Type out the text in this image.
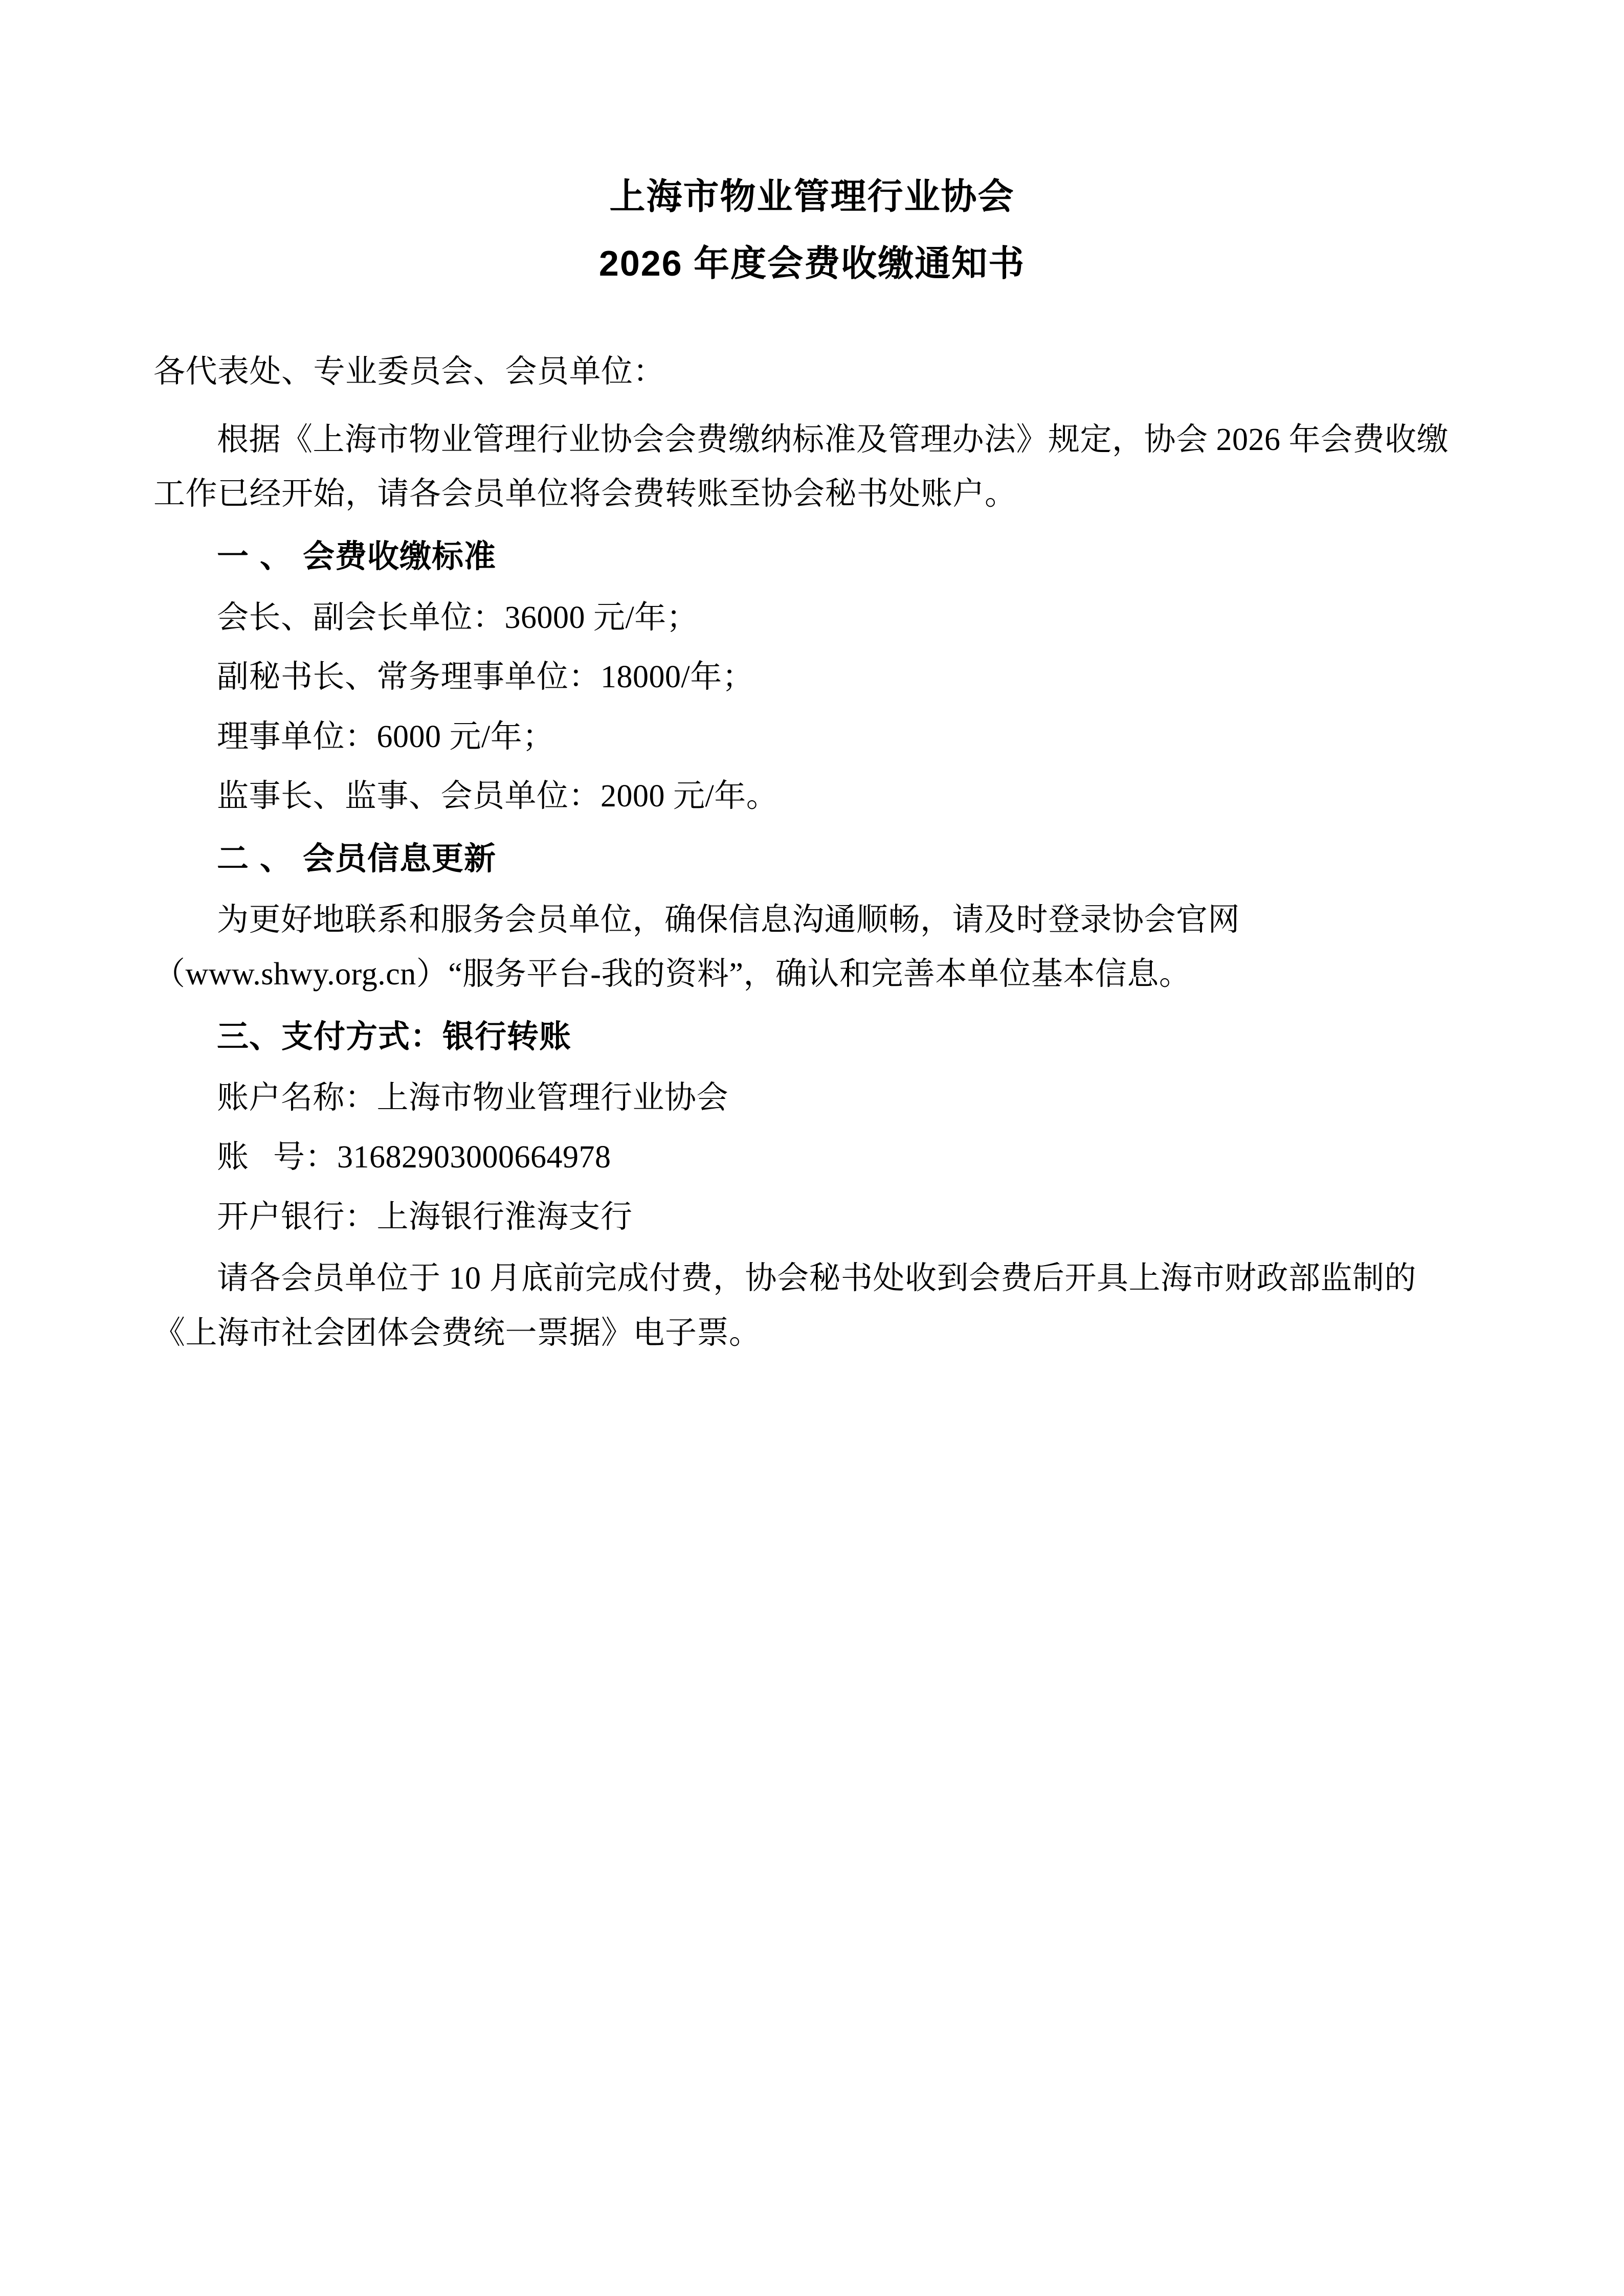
上海市物业管理行业协会
2026 年度会费收缴通知书

各代表处、专业委员会、会员单位：

根据《上海市物业管理行业协会会费缴纳标准及管理办法》规定，协会 2026 年会费收缴工作已经开始，请各会员单位将会费转账至协会秘书处账户。

一、会费收缴标准

会长、副会长单位：36000 元/年；

副秘书长、常务理事单位：18000/年；

理事单位：6000 元/年；

监事长、监事、会员单位：2000 元/年。

二、会员信息更新

为更好地联系和服务会员单位，确保信息沟通顺畅，请及时登录协会官网（www.shwy.org.cn）“服务平台-我的资料”，确认和完善本单位基本信息。

三、支付方式：银行转账

账户名称：上海市物业管理行业协会

账号：31682903000664978

开户银行：上海银行淮海支行

请各会员单位于 10 月底前完成付费，协会秘书处收到会费后开具上海市财政部监制的《上海市社会团体会费统一票据》电子票。
